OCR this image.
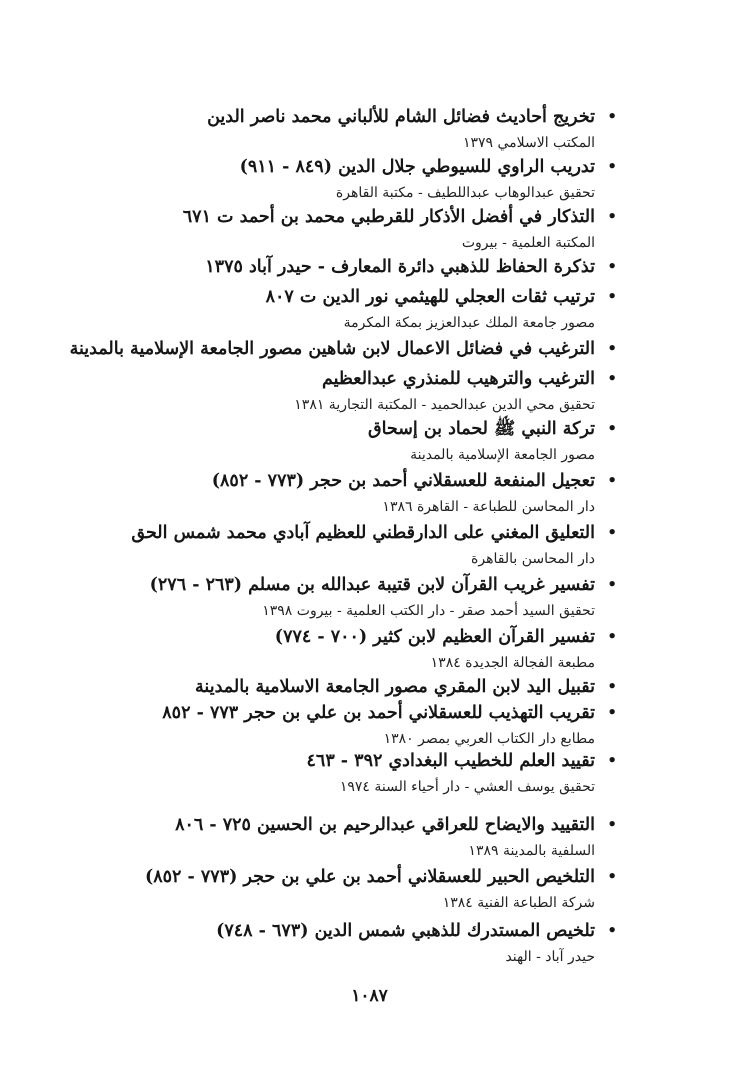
•تخريج أحاديث فضائل الشام للألباني محمد ناصر الدين
المكتب الاسلامي ١٣٧٩
•تدريب الراوي للسيوطي جلال الدين (٨٤٩ - ٩١١)
تحقيق عبدالوهاب عبداللطيف - مكتبة القاهرة
•التذكار في أفضل الأذكار للقرطبي محمد بن أحمد ت ٦٧١
المكتبة العلمية - بيروت
•تذكرة الحفاظ للذهبي دائرة المعارف - حيدر آباد ١٣٧٥
•ترتيب ثقات العجلي للهيثمي نور الدين ت ٨٠٧
مصور جامعة الملك عبدالعزيز بمكة المكرمة
•الترغيب في فضائل الاعمال لابن شاهين مصور الجامعة الإسلامية بالمدينة
•الترغيب والترهيب للمنذري عبدالعظيم
تحقيق محي الدين عبدالحميد - المكتبة التجارية ١٣٨١
•تركة النبي ﷺ لحماد بن إسحاق
مصور الجامعة الإسلامية بالمدينة
•تعجيل المنفعة للعسقلاني أحمد بن حجر (٧٧٣ - ٨٥٢)
دار المحاسن للطباعة - القاهرة ١٣٨٦
•التعليق المغني على الدارقطني للعظيم آبادي محمد شمس الحق
دار المحاسن بالقاهرة
•تفسير غريب القرآن لابن قتيبة عبدالله بن مسلم (٢٦٣ - ٢٧٦)
تحقيق السيد أحمد صقر - دار الكتب العلمية - بيروت ١٣٩٨
•تفسير القرآن العظيم لابن كثير (٧٠٠ - ٧٧٤)
مطبعة الفجالة الجديدة ١٣٨٤
•تقبيل اليد لابن المقري مصور الجامعة الاسلامية بالمدينة
•تقريب التهذيب للعسقلاني أحمد بن علي بن حجر ٧٧٣ - ٨٥٢
مطابع دار الكتاب العربي بمصر ١٣٨٠
•تقييد العلم للخطيب البغدادي ٣٩٢ - ٤٦٣
تحقيق يوسف العشي - دار أحياء السنة ١٩٧٤
•التقييد والايضاح للعراقي عبدالرحيم بن الحسين ٧٢٥ - ٨٠٦
السلفية بالمدينة ١٣٨٩
•التلخيص الحبير للعسقلاني أحمد بن علي بن حجر (٧٧٣ - ٨٥٢)
شركة الطباعة الفنية ١٣٨٤
•تلخيص المستدرك للذهبي شمس الدين (٦٧٣ - ٧٤٨)
حيدر آباد - الهند
١٠٨٧
